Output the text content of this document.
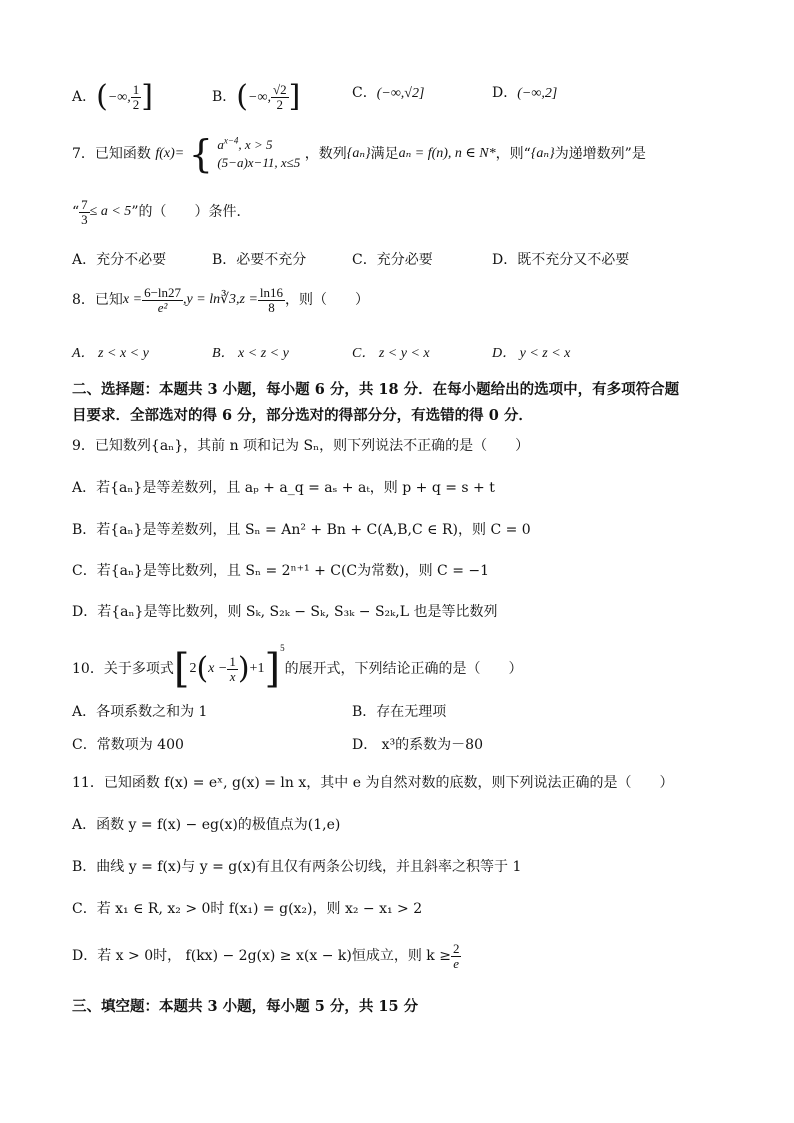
A．(−∞, $\frac{1}{2}$ ]	B．(−∞, $\frac{√2}{2}$ ]	C．(−∞,√2]	D．(−∞,2]
7．已知函数 f(x)= { $a^{x-4}$, x > 5
(5−a)x−11, x≤5
，数列{aₙ}满足aₙ = f(n), n ∈ N*，则“{aₙ}为递增数列”是
“ $\frac{7}{3} \le a < 5$”的（　　）条件．
A．充分不必要	B．必要不充分	C．充分必要	D．既不充分又不必要
8．已知$x = \frac{6-\ln 27}{\text{e²}} ,y$ = ln∛3,z = $\frac{\ln 16}{8}$ ，则（　　）
A． z < x < y	B． x < z < y	C． z < y < x	D． y < z < x
二、选择题：本题共 3 小题，每小题 6 分，共 18 分．在每小题给出的选项中，有多项符合题
目要求．全部选对的得 6 分，部分选对的得部分分，有选错的得 0 分．
9．已知数列{aₙ}，其前 n 项和记为 Sₙ，则下列说法不正确的是（　　）
A．若{aₙ}是等差数列，且 aₚ + a_q = aₛ + aₜ，则 p + q = s + t
B．若{aₙ}是等差数列，且 Sₙ = An² + Bn + C(A,B,C ∈ R)，则 C = 0
C．若{aₙ}是等比数列，且 Sₙ = 2ⁿ⁺¹ + C(C为常数)，则 C = −1
D．若{aₙ}是等比数列，则 Sₖ, S₂ₖ − Sₖ, S₃ₖ − S₂ₖ,L 也是等比数列
10．关于多项式$[2(x - \frac{1}{x} )+1]^5$的展开式，下列结论正确的是（　　）
A．各项系数之和为 1	B．存在无理项
C．常数项为 400	D． x³的系数为－80
11．已知函数 f(x) = eˣ, g(x) = ln x，其中 e 为自然对数的底数，则下列说法正确的是（　　）
A．函数 y = f(x) − eg(x)的极值点为(1,e)
B．曲线 y = f(x)与 y = g(x)有且仅有两条公切线，并且斜率之积等于 1
C．若 x₁ ∈ R, x₂ > 0时 f(x₁) = g(x₂)，则 x₂ − x₁ > 2
D．若 x > 0时， f(kx) − 2g(x) ≥ x(x − k)恒成立，则 $k \ge \frac{2}{e}$
三、填空题：本题共 3 小题，每小题 5 分，共 15 分
